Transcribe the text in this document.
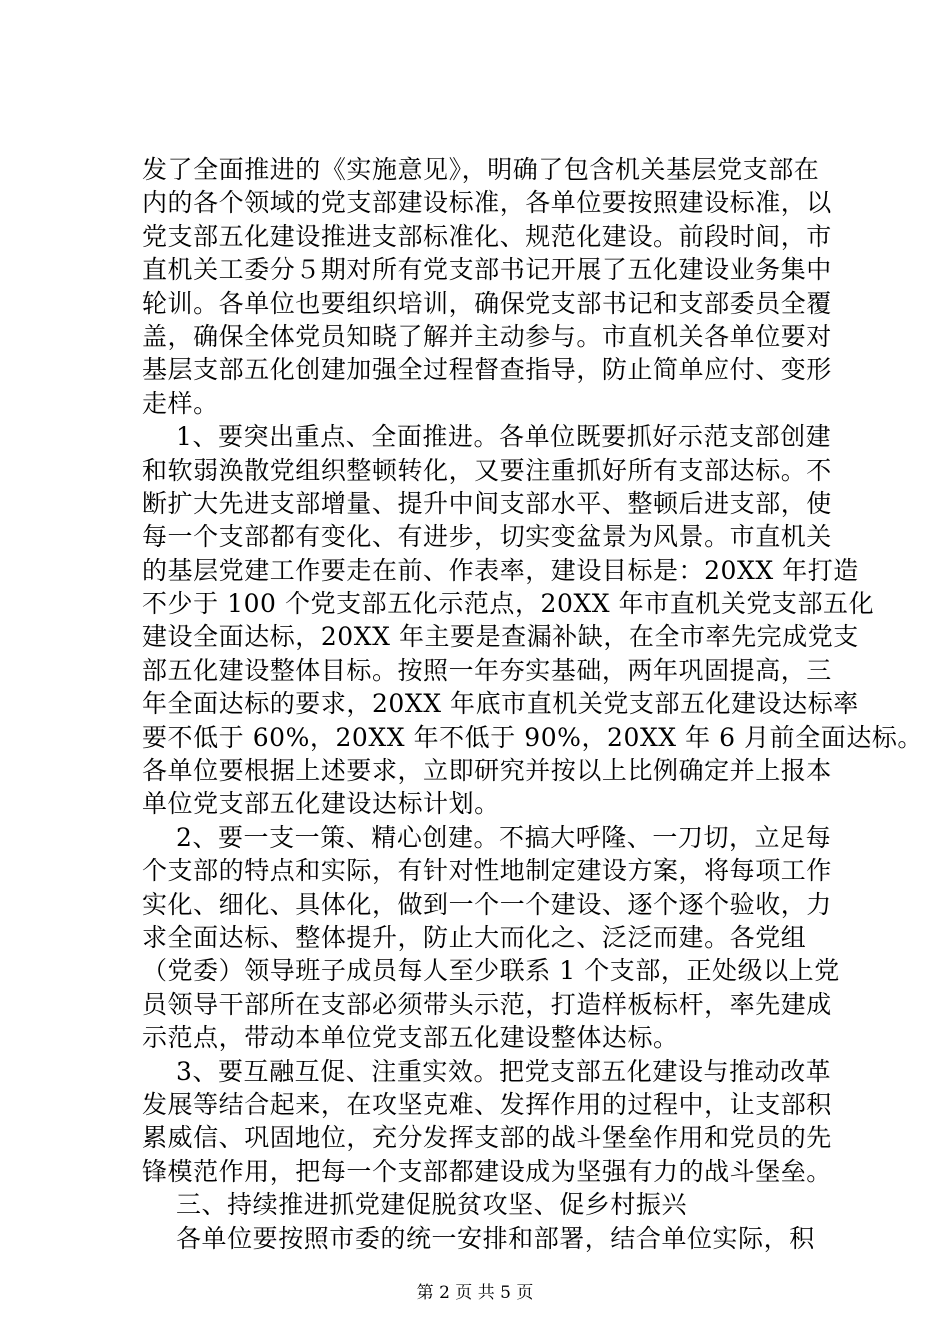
发了全面推进的《实施意见》，明确了包含机关基层党支部在
内的各个领域的党支部建设标准，各单位要按照建设标准，以
党支部五化建设推进支部标准化、规范化建设。前段时间，市
直机关工委分５期对所有党支部书记开展了五化建设业务集中
轮训。各单位也要组织培训，确保党支部书记和支部委员全覆
盖，确保全体党员知晓了解并主动参与。市直机关各单位要对
基层支部五化创建加强全过程督查指导，防止简单应付、变形
走样。
1、要突出重点、全面推进。各单位既要抓好示范支部创建
和软弱涣散党组织整顿转化，又要注重抓好所有支部达标。不
断扩大先进支部增量、提升中间支部水平、整顿后进支部，使
每一个支部都有变化、有进步，切实变盆景为风景。市直机关
的基层党建工作要走在前、作表率，建设目标是：20XX 年打造
不少于 100 个党支部五化示范点，20XX 年市直机关党支部五化
建设全面达标，20XX 年主要是查漏补缺，在全市率先完成党支
部五化建设整体目标。按照一年夯实基础，两年巩固提高，三
年全面达标的要求，20XX 年底市直机关党支部五化建设达标率
要不低于 60%，20XX 年不低于 90%，20XX 年 6 月前全面达标。
各单位要根据上述要求，立即研究并按以上比例确定并上报本
单位党支部五化建设达标计划。
2、要一支一策、精心创建。不搞大呼隆、一刀切，立足每
个支部的特点和实际，有针对性地制定建设方案，将每项工作
实化、细化、具体化，做到一个一个建设、逐个逐个验收，力
求全面达标、整体提升，防止大而化之、泛泛而建。各党组
（党委）领导班子成员每人至少联系 1 个支部，正处级以上党
员领导干部所在支部必须带头示范，打造样板标杆，率先建成
示范点，带动本单位党支部五化建设整体达标。
3、要互融互促、注重实效。把党支部五化建设与推动改革
发展等结合起来，在攻坚克难、发挥作用的过程中，让支部积
累威信、巩固地位，充分发挥支部的战斗堡垒作用和党员的先
锋模范作用，把每一个支部都建设成为坚强有力的战斗堡垒。
三、持续推进抓党建促脱贫攻坚、促乡村振兴
各单位要按照市委的统一安排和部署，结合单位实际，积
第 2 页 共 5 页
